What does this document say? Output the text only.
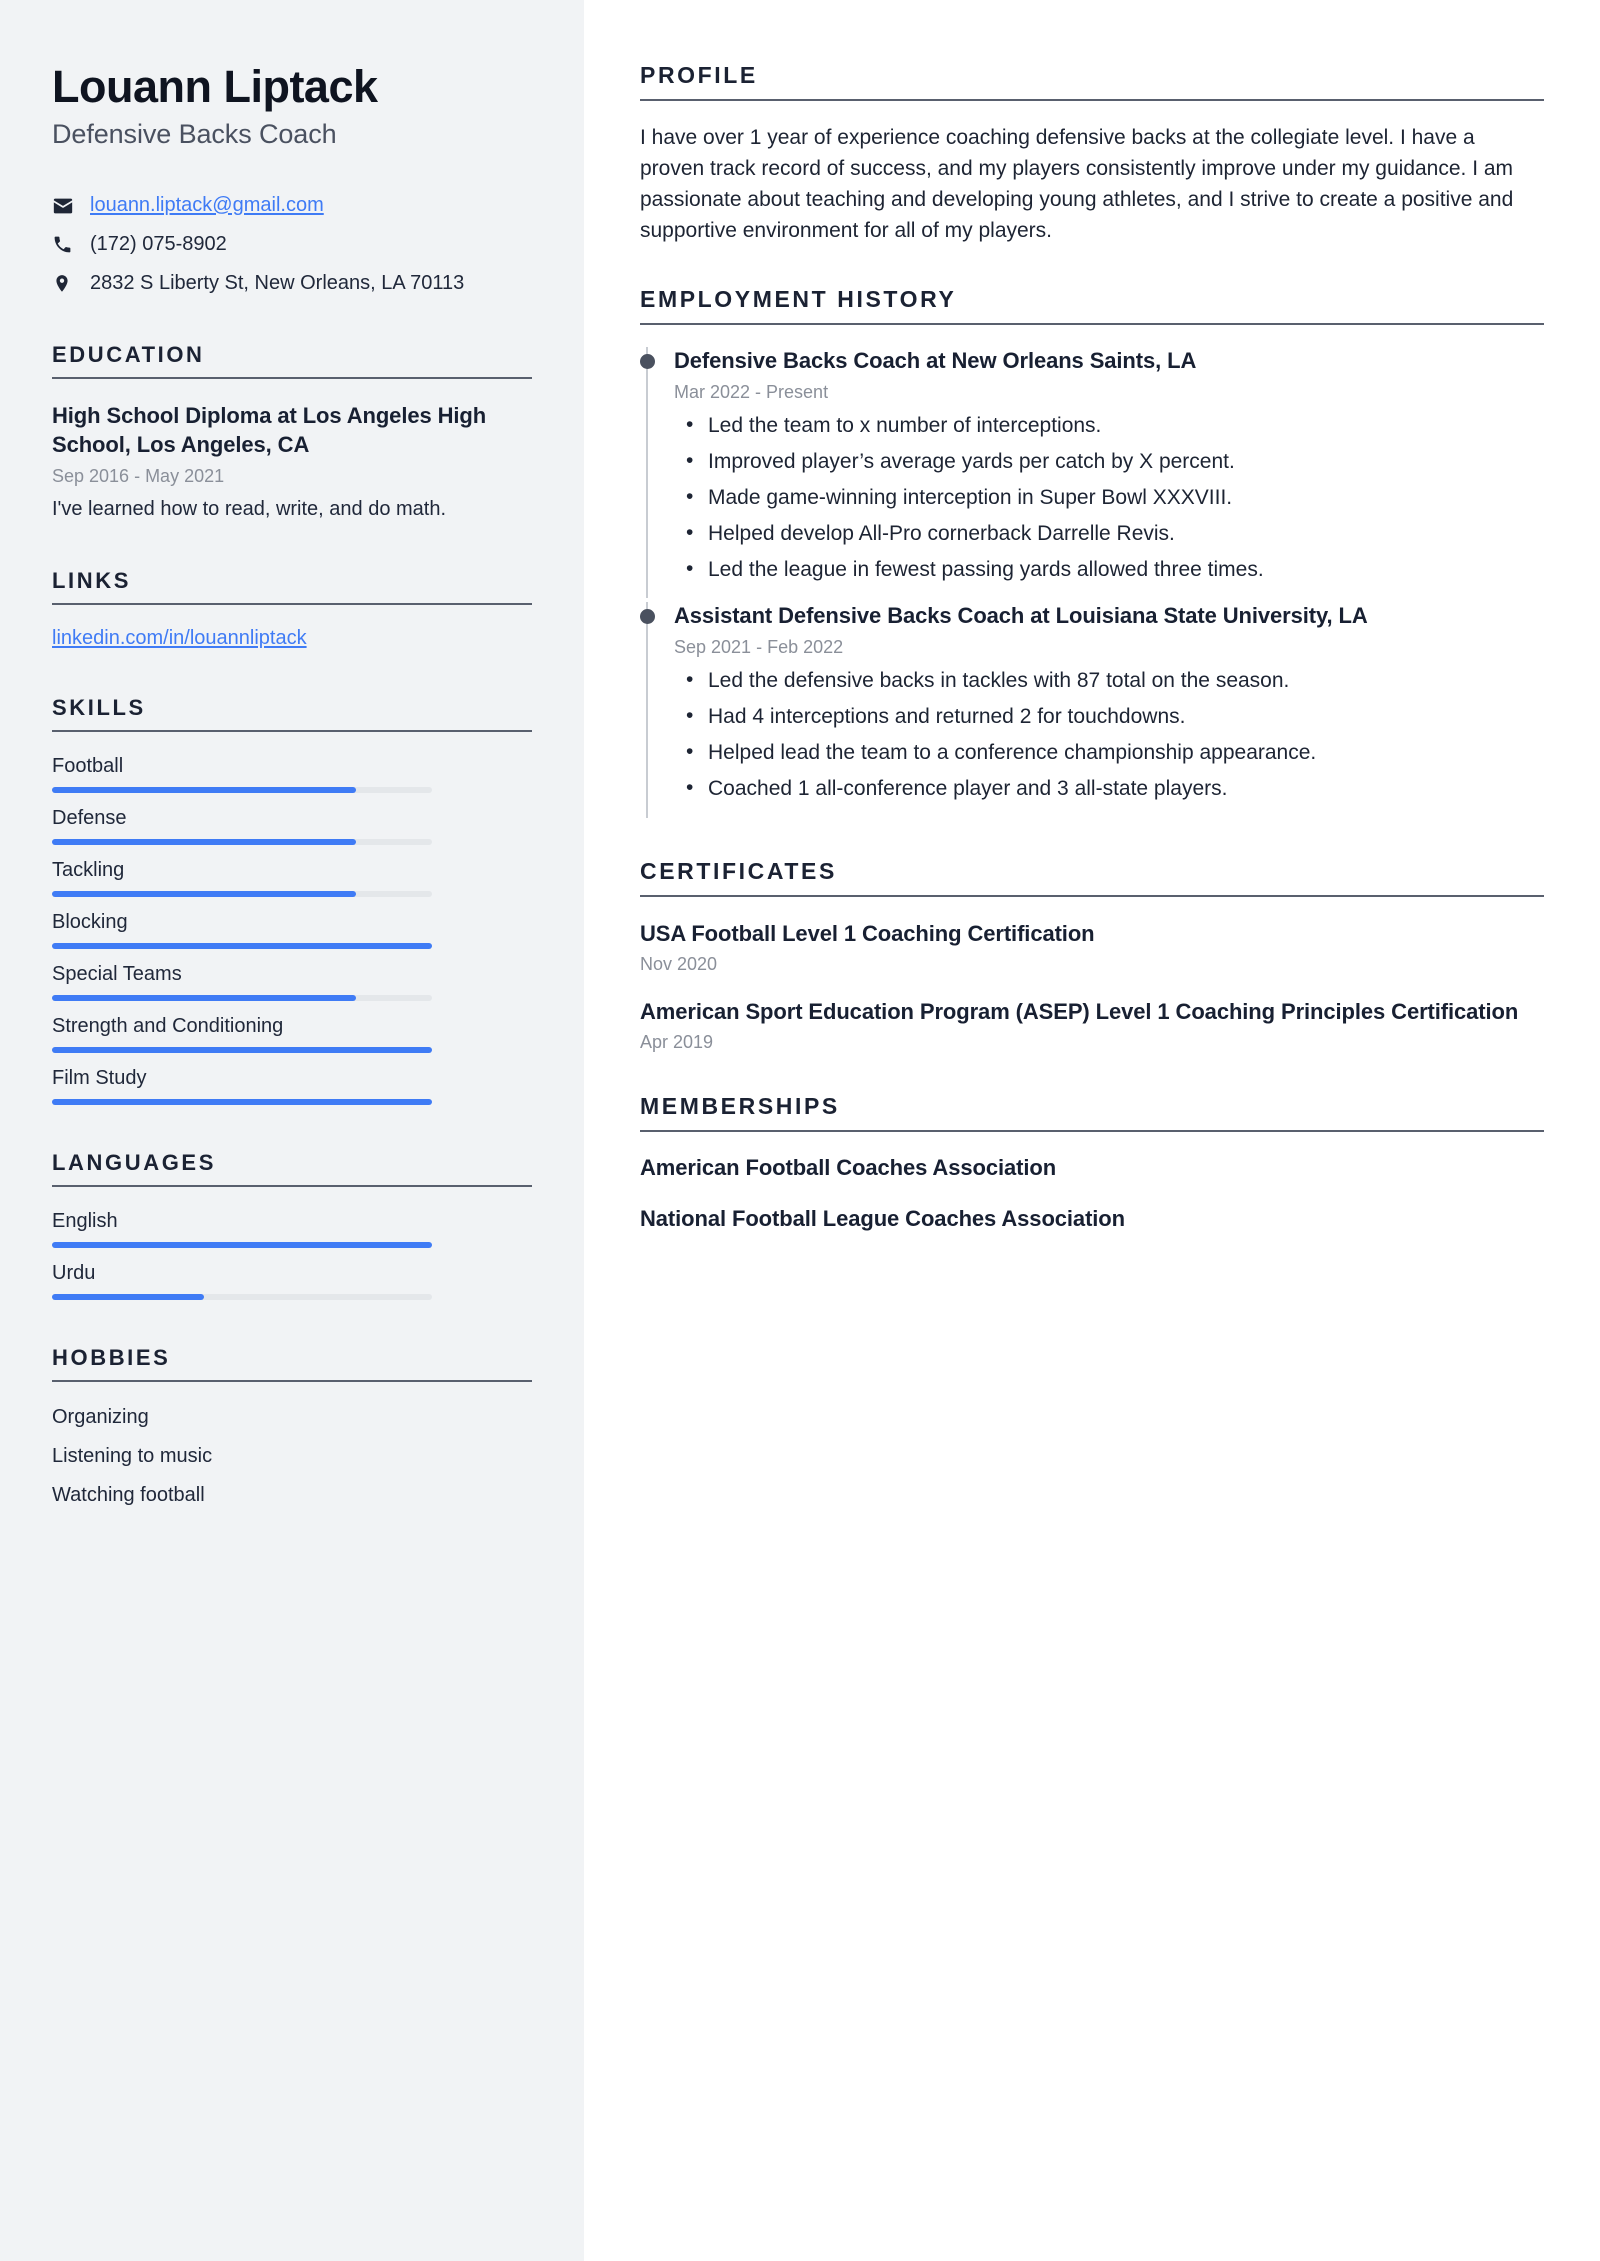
Louann Liptack
Defensive Backs Coach
louann.liptack@gmail.com
(172) 075-8902
2832 S Liberty St, New Orleans, LA 70113
EDUCATION
High School Diploma at Los Angeles High School, Los Angeles, CA
Sep 2016 - May 2021
I've learned how to read, write, and do math.
LINKS
linkedin.com/in/louannliptack
SKILLS
Football
Defense
Tackling
Blocking
Special Teams
Strength and Conditioning
Film Study
LANGUAGES
English
Urdu
HOBBIES
Organizing
Listening to music
Watching football
PROFILE

I have over 1 year of experience coaching defensive backs at the collegiate level. I have a proven track record of success, and my players consistently improve under my guidance. I am passionate about teaching and developing young athletes, and I strive to create a positive and supportive environment for all of my players.

EMPLOYMENT HISTORY
Defensive Backs Coach at New Orleans Saints, LA
Mar 2022 - Present
• Led the team to x number of interceptions.
• Improved player’s average yards per catch by X percent.
• Made game-winning interception in Super Bowl XXXVIII.
• Helped develop All-Pro cornerback Darrelle Revis.
• Led the league in fewest passing yards allowed three times.
Assistant Defensive Backs Coach at Louisiana State University, LA
Sep 2021 - Feb 2022
• Led the defensive backs in tackles with 87 total on the season.
• Had 4 interceptions and returned 2 for touchdowns.
• Helped lead the team to a conference championship appearance.
• Coached 1 all-conference player and 3 all-state players.
CERTIFICATES
USA Football Level 1 Coaching Certification
Nov 2020
American Sport Education Program (ASEP) Level 1 Coaching Principles Certification
Apr 2019
MEMBERSHIPS
American Football Coaches Association
National Football League Coaches Association
